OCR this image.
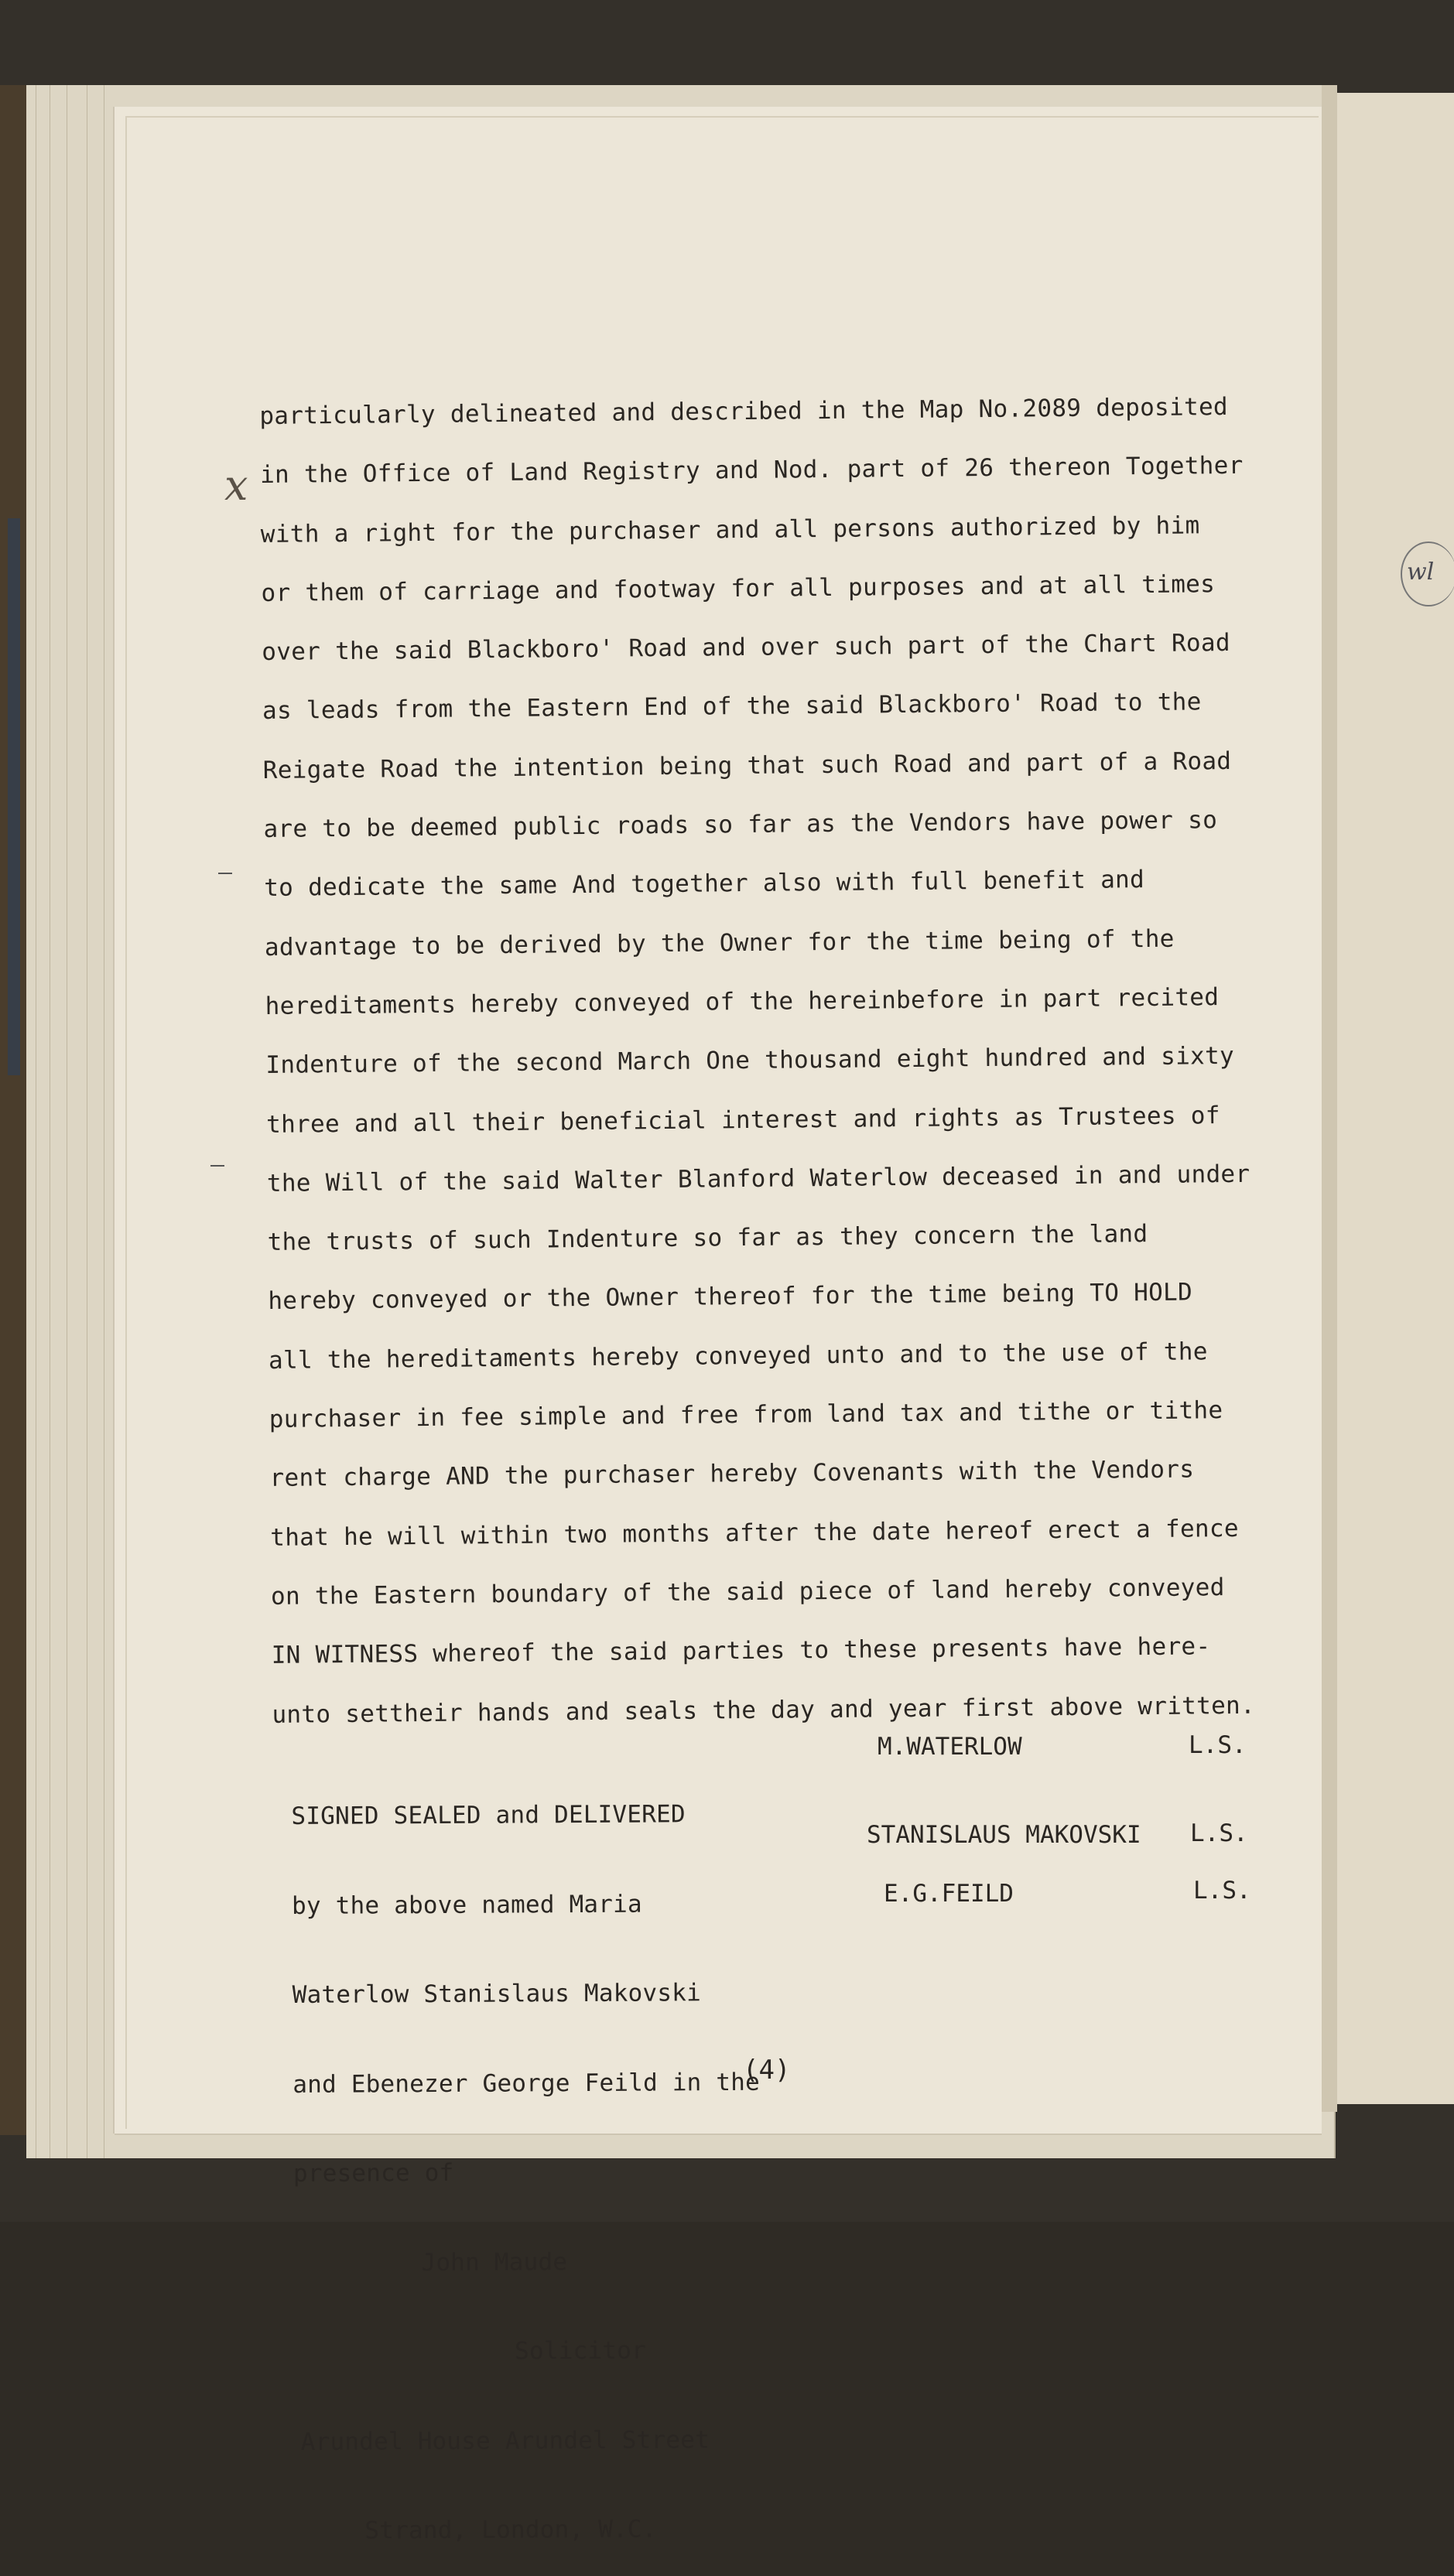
x
wl
particularly delineated and described in the Map No.2089 deposited
in the Office of Land Registry and Nod. part of 26 thereon Together
with a right for the purchaser and all persons authorized by him
or them of carriage and footway for all purposes and at all times
over the said Blackboro' Road and over such part of the Chart Road
as leads from the Eastern End of the said Blackboro' Road to the
Reigate Road the intention being that such Road and part of a Road
are to be deemed public roads so far as the Vendors have power so
to dedicate the same And together also with full benefit and
advantage to be derived by the Owner for the time being of the
hereditaments hereby conveyed of the hereinbefore in part recited
Indenture of the second March One thousand eight hundred and sixty
three and all their beneficial interest and rights as Trustees of
the Will of the said Walter Blanford Waterlow deceased in and under
the trusts of such Indenture so far as they concern the land
hereby conveyed or the Owner thereof for the time being TO HOLD
all the hereditaments hereby conveyed unto and to the use of the
purchaser in fee simple and free from land tax and tithe or tithe
rent charge AND the purchaser hereby Covenants with the Vendors
that he will within two months after the date hereof erect a fence
on the Eastern boundary of the said piece of land hereby conveyed
IN WITNESS whereof the said parties to these presents have here-
unto settheir hands and seals the day and year first above written.

SIGNED SEALED and DELIVERED

by the above named Maria

Waterlow Stanislaus Makovski

and Ebenezer George Feild in the

presence of

John Maude

Solicitor

Arundel House Arundel Street

Strand, London, W.C.

M.WATERLOW	L.S.
STANISLAUS MAKOVSKI L.S.
E.G.FEILD	L.S.
(4)
